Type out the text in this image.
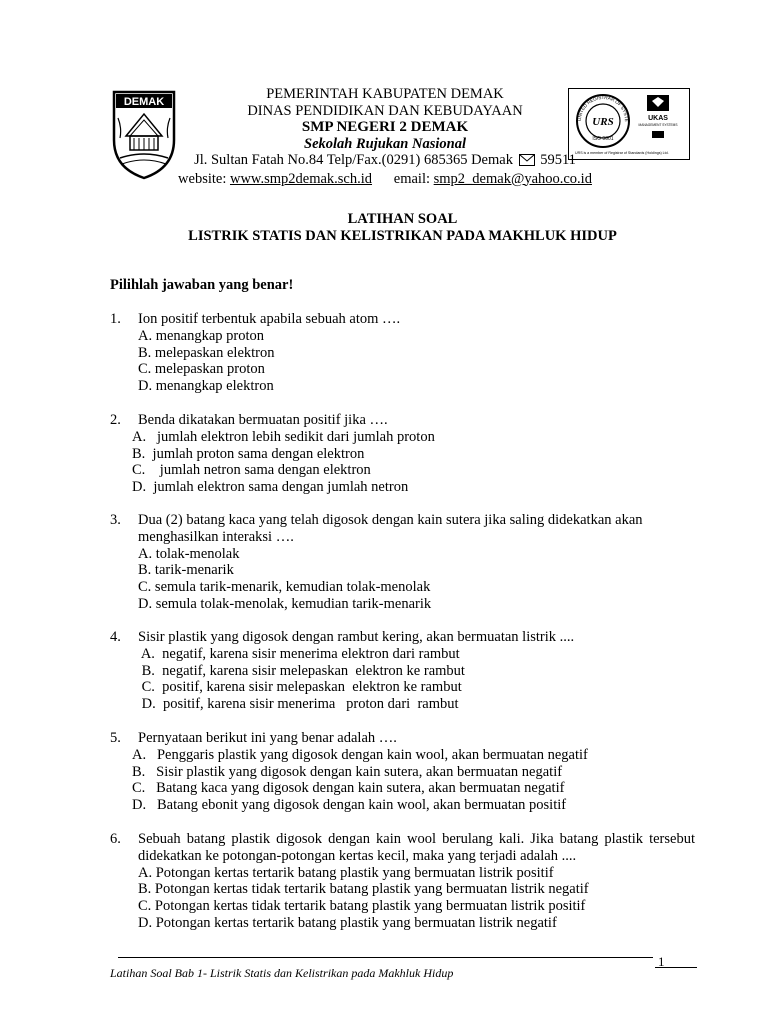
DEMAK
URS
ISO 9001
UNITED REGISTRAR OF SYSTE	UKAS
MANAGEMENT SYSTEMS
URS is a member of Registrar of Standards (Holdings) Ltd.
PEMERINTAH KABUPATEN DEMAK
DINAS PENDIDIKAN DAN KEBUDAYAAN
SMP NEGERI 2 DEMAK
Sekolah Rujukan Nasional
Jl. Sultan Fatah No.84 Telp/Fax.(0291) 685365 Demak 59511
website: www.smp2demak.sch.id email: smp2_demak@yahoo.co.id
LATIHAN SOAL
LISTRIK STATIS DAN KELISTRIKAN PADA MAKHLUK HIDUP
Pilihlah jawaban yang benar!
1. Ion positif terbentuk apabila sebuah atom ….
A. menangkap proton
B. melepaskan elektron
C. melepaskan proton
D. menangkap elektron
2. Benda dikatakan bermuatan positif jika ….
A.   jumlah elektron lebih sedikit dari jumlah proton
B.  jumlah proton sama dengan elektron
C.    jumlah netron sama dengan elektron
D.  jumlah elektron sama dengan jumlah netron
3. Dua (2) batang kaca yang telah digosok dengan kain sutera jika saling didekatkan akan menghasilkan interaksi ….
A. tolak-menolak
B. tarik-menarik
C. semula tarik-menarik, kemudian tolak-menolak
D. semula tolak-menolak, kemudian tarik-menarik
4. Sisir plastik yang digosok dengan rambut kering, akan bermuatan listrik ....
A.  negatif, karena sisir menerima elektron dari rambut
B.  negatif, karena sisir melepaskan  elektron ke rambut
C.  positif, karena sisir melepaskan  elektron ke rambut
D.  positif, karena sisir menerima   proton dari  rambut
5. Pernyataan berikut ini yang benar adalah ….
A.   Penggaris plastik yang digosok dengan kain wool, akan bermuatan negatif
B.   Sisir plastik yang digosok dengan kain sutera, akan bermuatan negatif
C.   Batang kaca yang digosok dengan kain sutera, akan bermuatan negatif
D.   Batang ebonit yang digosok dengan kain wool, akan bermuatan positif
6. Sebuah batang plastik digosok dengan kain wool berulang kali. Jika batang plastik tersebut didekatkan ke potongan-potongan kertas kecil, maka yang terjadi adalah ....
A. Potongan kertas tertarik batang plastik yang bermuatan listrik positif
B. Potongan kertas tidak tertarik batang plastik yang bermuatan listrik negatif
C. Potongan kertas tidak tertarik batang plastik yang bermuatan listrik positif
D. Potongan kertas tertarik batang plastik yang bermuatan listrik negatif
1
Latihan Soal Bab 1- Listrik Statis dan Kelistrikan pada Makhluk Hidup
